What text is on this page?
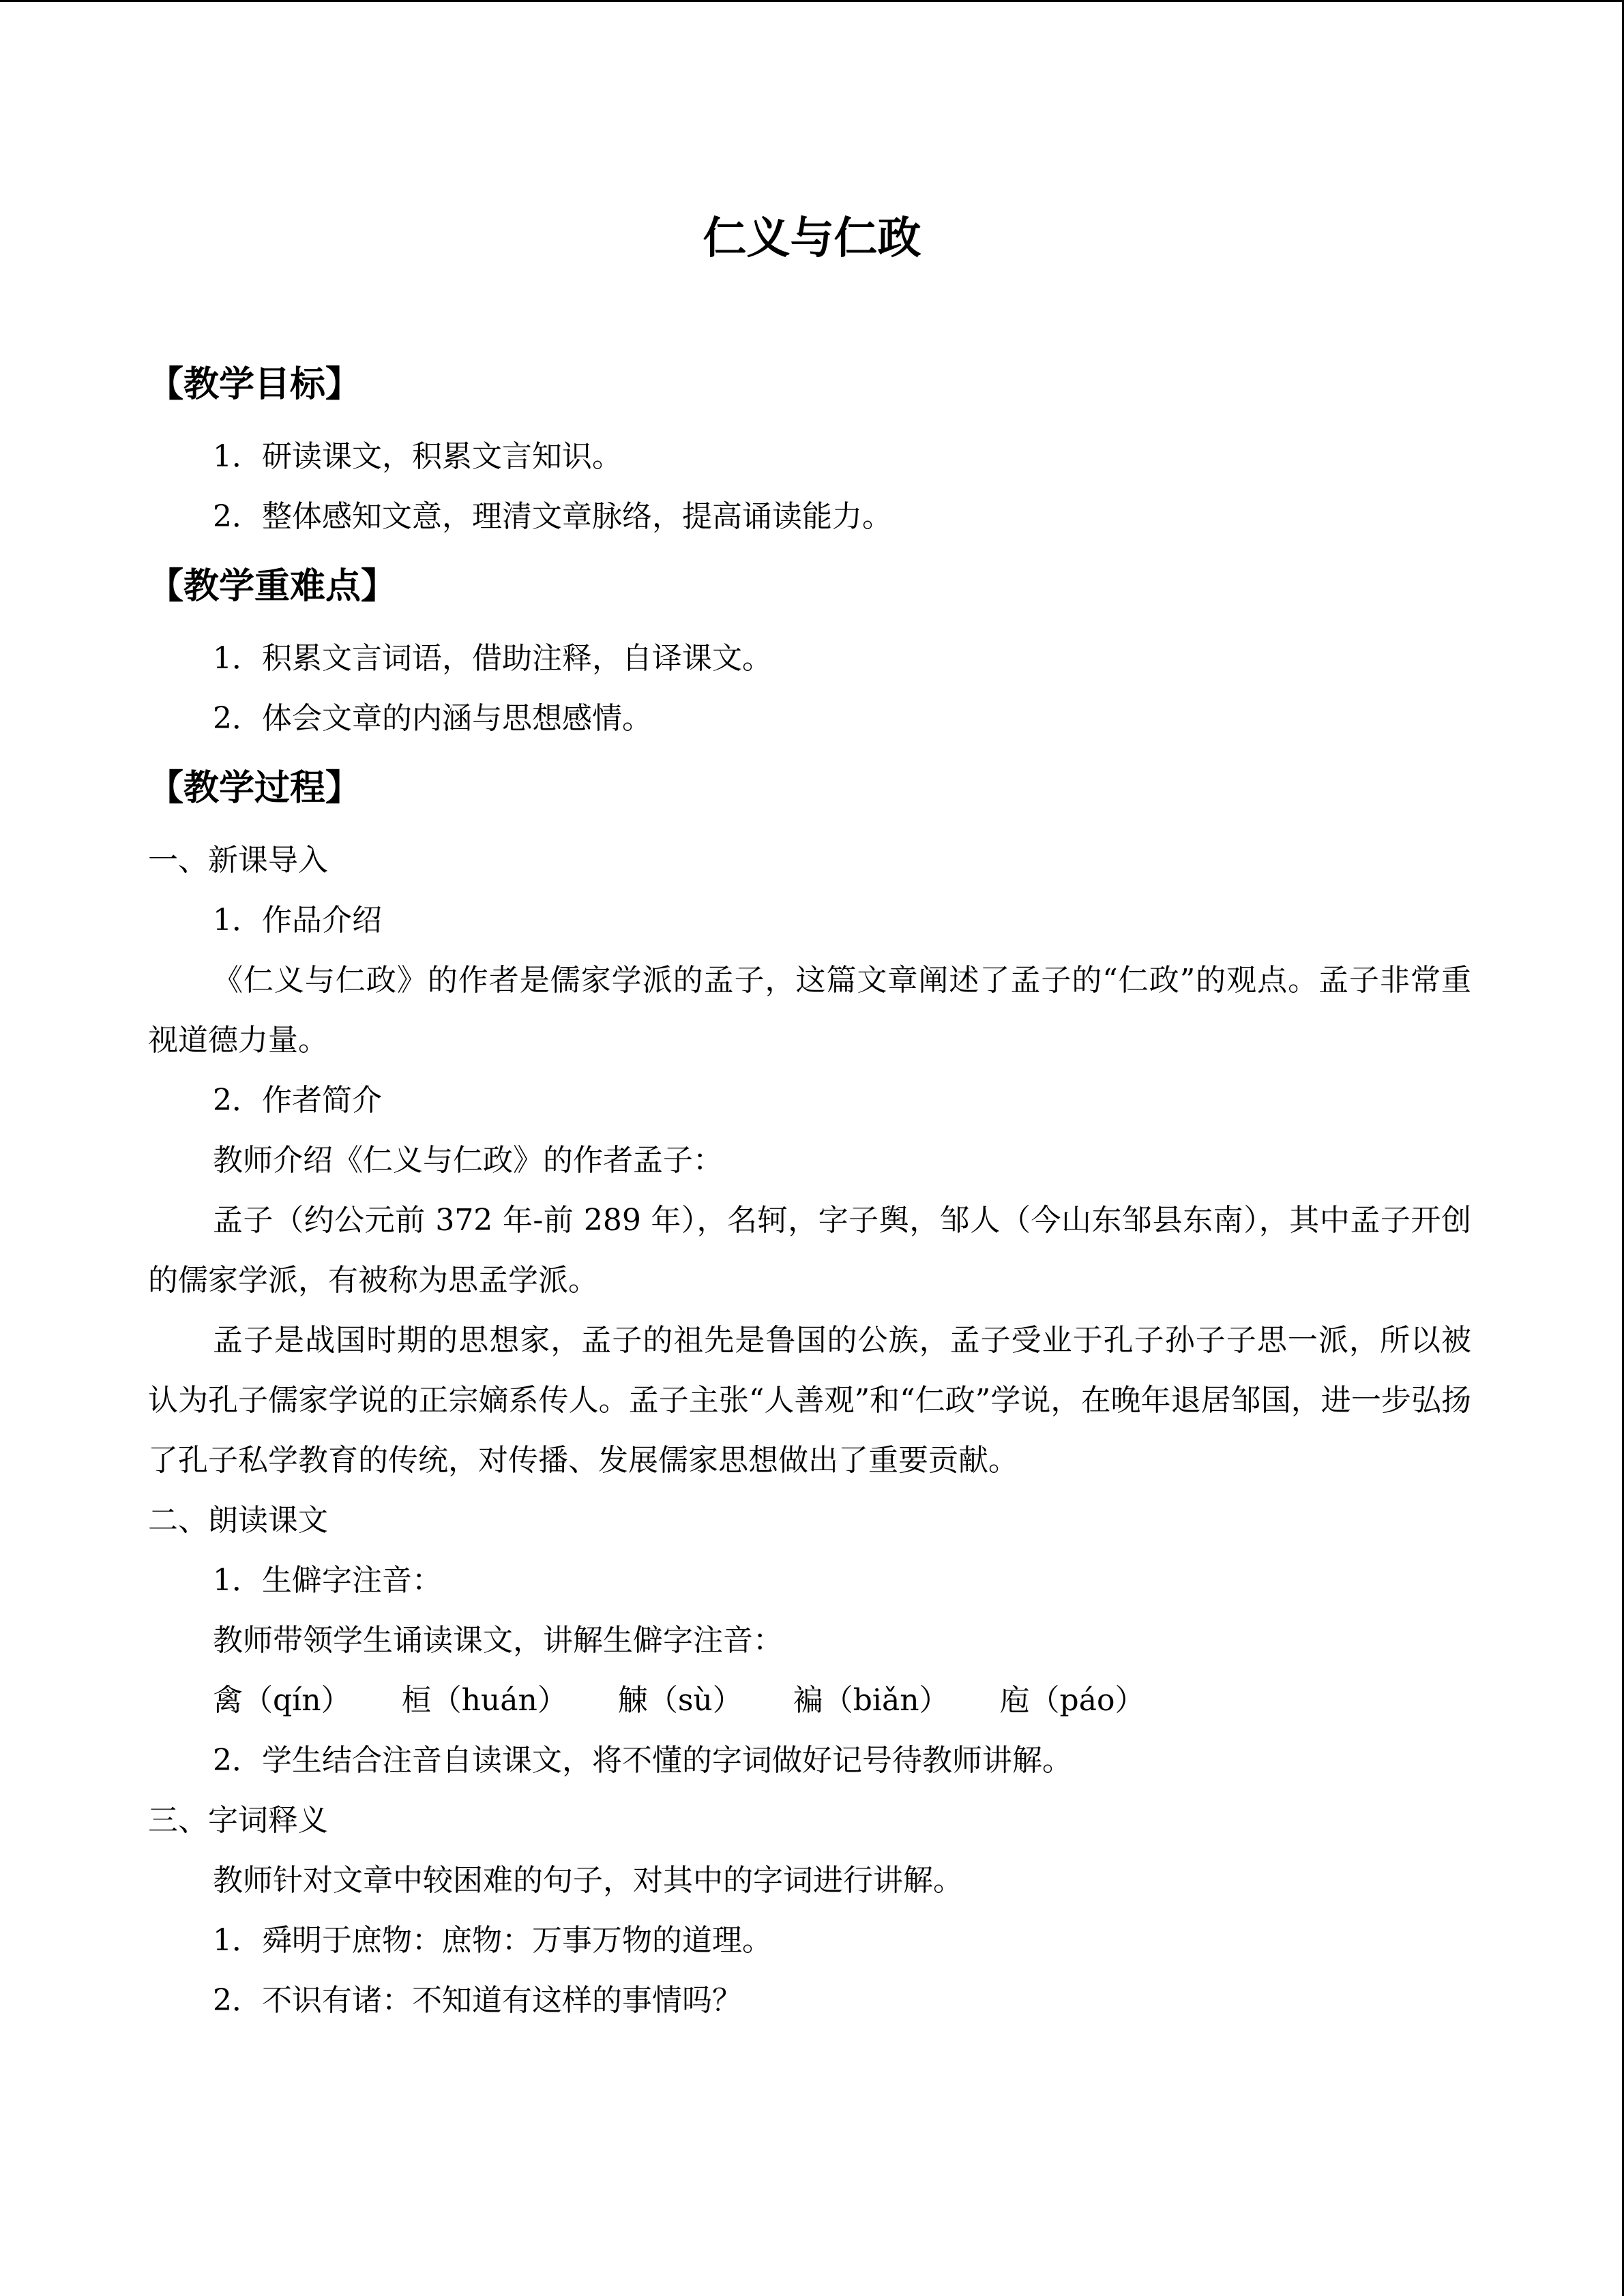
仁义与仁政
【教学目标】

1．研读课文，积累文言知识。

2．整体感知文意，理清文章脉络，提高诵读能力。

【教学重难点】

1．积累文言词语，借助注释，自译课文。

2．体会文章的内涵与思想感情。

【教学过程】

一、新课导入

1．作品介绍

《仁义与仁政》的作者是儒家学派的孟子，这篇文章阐述了孟子的“仁政”的观点。孟子非常重视道德力量。

2．作者简介

教师介绍《仁义与仁政》的作者孟子：

孟子（约公元前 372 年-前 289 年），名轲，字子舆，邹人（今山东邹县东南），其中孟子开创的儒家学派，有被称为思孟学派。

孟子是战国时期的思想家，孟子的祖先是鲁国的公族，孟子受业于孔子孙子子思一派，所以被认为孔子儒家学说的正宗嫡系传人。孟子主张“人善观”和“仁政”学说，在晚年退居邹国，进一步弘扬了孔子私学教育的传统，对传播、发展儒家思想做出了重要贡献。

二、朗读课文

1．生僻字注音：

教师带领学生诵读课文，讲解生僻字注音：

禽（qín） 桓（huán） 觫（sù） 褊（biǎn） 庖（páo）

2．学生结合注音自读课文，将不懂的字词做好记号待教师讲解。

三、字词释义

教师针对文章中较困难的句子，对其中的字词进行讲解。

1．舜明于庶物：庶物：万事万物的道理。

2．不识有诸：不知道有这样的事情吗？
